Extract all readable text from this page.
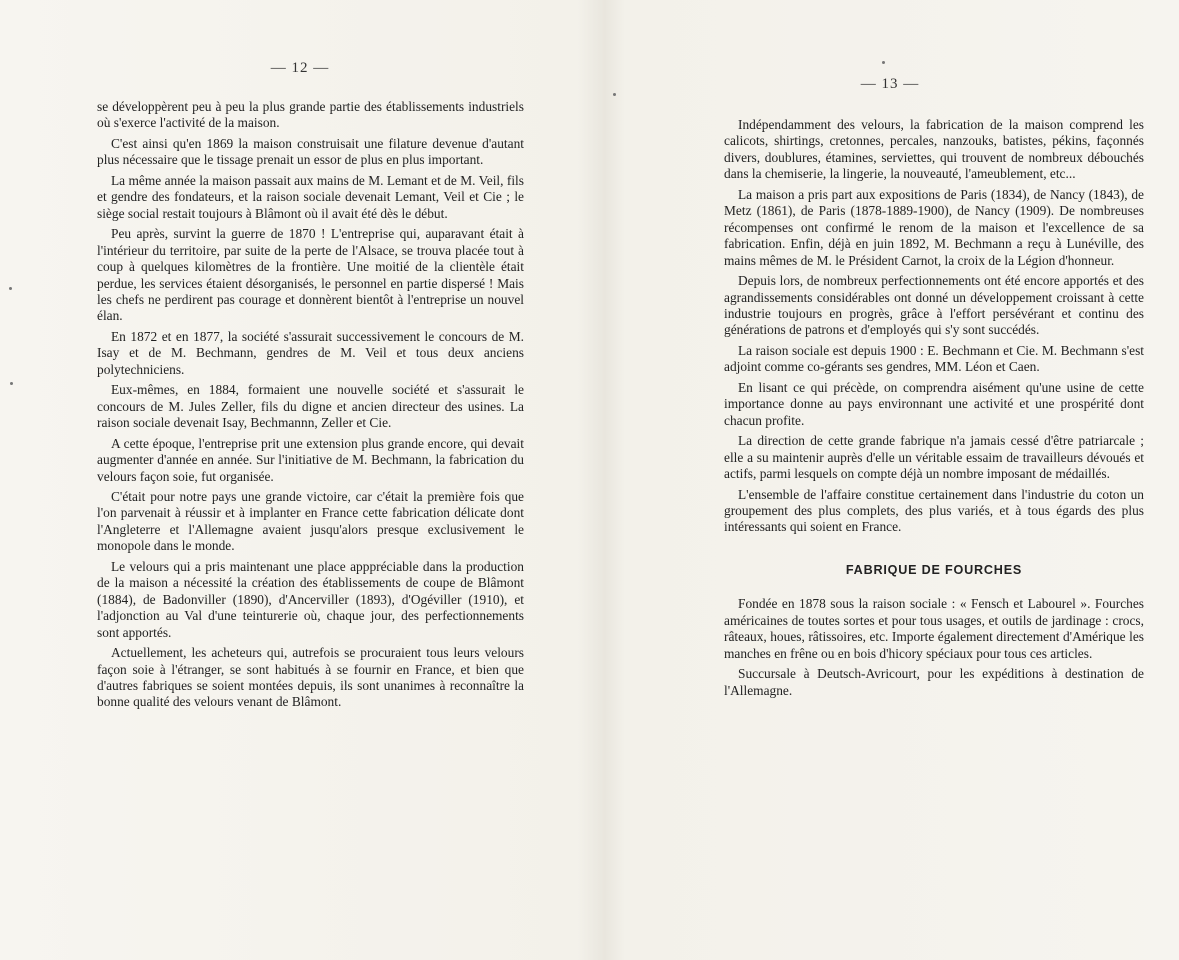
— 12 —

se développèrent peu à peu la plus grande partie des établissements industriels où s'exerce l'activité de la maison.

C'est ainsi qu'en 1869 la maison construisait une filature devenue d'autant plus nécessaire que le tissage prenait un essor de plus en plus important.

La même année la maison passait aux mains de M. Lemant et de M. Veil, fils et gendre des fondateurs, et la raison sociale devenait Lemant, Veil et Cie ; le siège social restait toujours à Blâmont où il avait été dès le début.

Peu après, survint la guerre de 1870 ! L'entreprise qui, auparavant était à l'intérieur du territoire, par suite de la perte de l'Alsace, se trouva placée tout à coup à quelques kilomètres de la frontière. Une moitié de la clientèle était perdue, les services étaient désorganisés, le personnel en partie dispersé ! Mais les chefs ne perdirent pas courage et donnèrent bientôt à l'entreprise un nouvel élan.

En 1872 et en 1877, la société s'assurait successivement le concours de M. Isay et de M. Bechmann, gendres de M. Veil et tous deux anciens polytechniciens.

Eux-mêmes, en 1884, formaient une nouvelle société et s'assurait le concours de M. Jules Zeller, fils du digne et ancien directeur des usines. La raison sociale devenait Isay, Bechmannn, Zeller et Cie.

A cette époque, l'entreprise prit une extension plus grande encore, qui devait augmenter d'année en année. Sur l'initiative de M. Bechmann, la fabrication du velours façon soie, fut organisée.

C'était pour notre pays une grande victoire, car c'était la première fois que l'on parvenait à réussir et à implanter en France cette fabrication délicate dont l'Angleterre et l'Allemagne avaient jusqu'alors presque exclusivement le monopole dans le monde.

Le velours qui a pris maintenant une place apppréciable dans la production de la maison a nécessité la création des établissements de coupe de Blâmont (1884), de Badonviller (1890), d'Ancerviller (1893), d'Ogéviller (1910), et l'adjonction au Val d'une teinturerie où, chaque jour, des perfectionnements sont apportés.

Actuellement, les acheteurs qui, autrefois se procuraient tous leurs velours façon soie à l'étranger, se sont habitués à se fournir en France, et bien que d'autres fabriques se soient montées depuis, ils sont unanimes à reconnaître la bonne qualité des velours venant de Blâmont.

— 13 —

Indépendamment des velours, la fabrication de la maison comprend les calicots, shirtings, cretonnes, percales, nanzouks, batistes, pékins, façonnés divers, doublures, étamines, serviettes, qui trouvent de nombreux débouchés dans la chemiserie, la lingerie, la nouveauté, l'ameublement, etc...

La maison a pris part aux expositions de Paris (1834), de Nancy (1843), de Metz (1861), de Paris (1878-1889-1900), de Nancy (1909). De nombreuses récompenses ont confirmé le renom de la maison et l'excellence de sa fabrication. Enfin, déjà en juin 1892, M. Bechmann a reçu à Lunéville, des mains mêmes de M. le Président Carnot, la croix de la Légion d'honneur.

Depuis lors, de nombreux perfectionnements ont été encore apportés et des agrandissements considérables ont donné un développement croissant à cette industrie toujours en progrès, grâce à l'effort persévérant et continu des générations de patrons et d'employés qui s'y sont succédés.

La raison sociale est depuis 1900 : E. Bechmann et Cie. M. Bechmann s'est adjoint comme co-gérants ses gendres, MM. Léon et Caen.

En lisant ce qui précède, on comprendra aisément qu'une usine de cette importance donne au pays environnant une activité et une prospérité dont chacun profite.

La direction de cette grande fabrique n'a jamais cessé d'être patriarcale ; elle a su maintenir auprès d'elle un véritable essaim de travailleurs dévoués et actifs, parmi lesquels on compte déjà un nombre imposant de médaillés.

L'ensemble de l'affaire constitue certainement dans l'industrie du coton un groupement des plus complets, des plus variés, et à tous égards des plus intéressants qui soient en France.

FABRIQUE DE FOURCHES

Fondée en 1878 sous la raison sociale : « Fensch et Labourel ». Fourches américaines de toutes sortes et pour tous usages, et outils de jardinage : crocs, râteaux, houes, râtissoires, etc. Importe également directement d'Amérique les manches en frêne ou en bois d'hicory spéciaux pour tous ces articles.

Succursale à Deutsch-Avricourt, pour les expéditions à destination de l'Allemagne.
